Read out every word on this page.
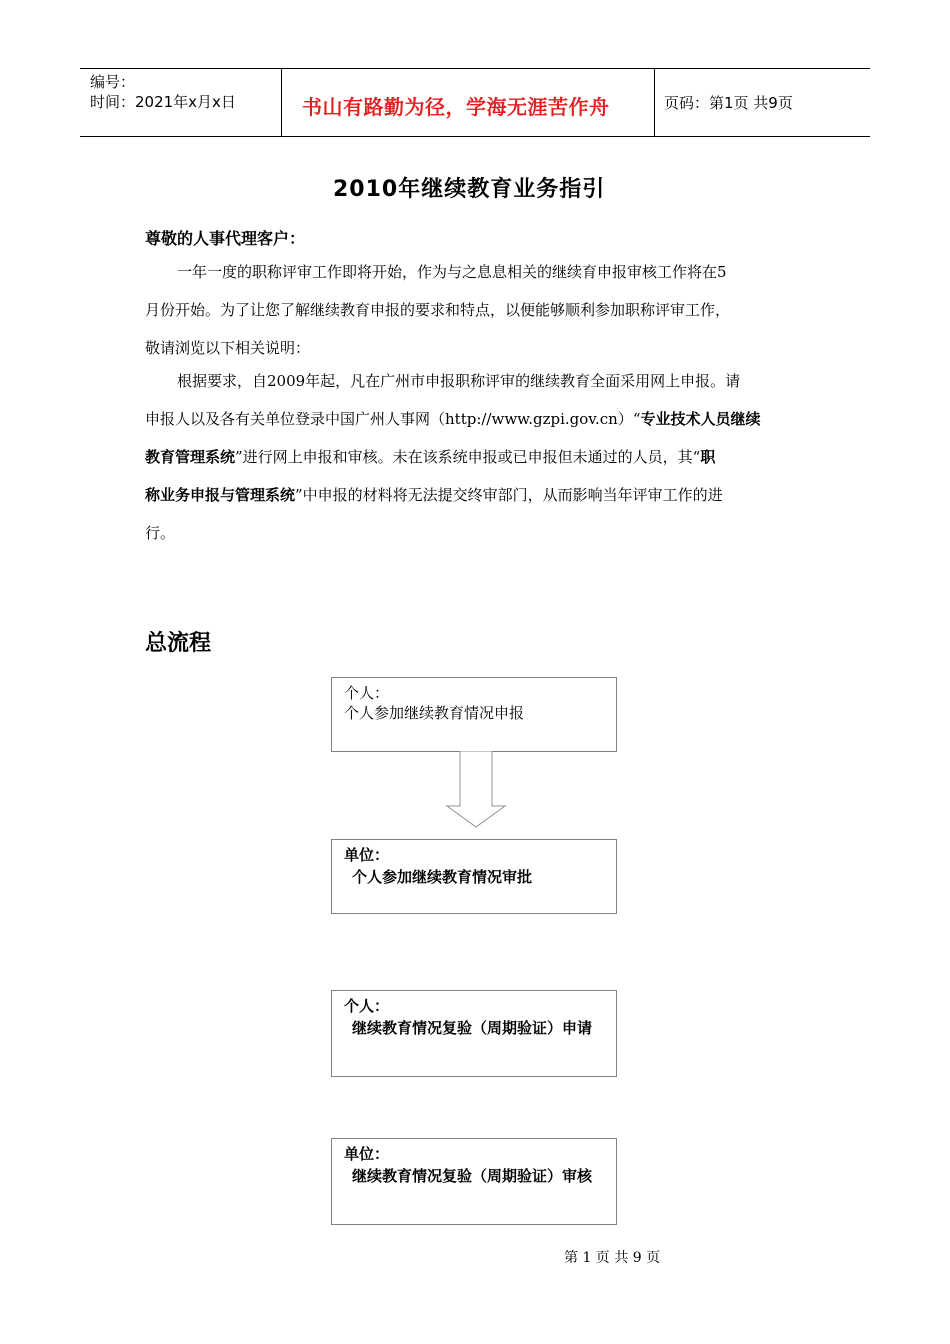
编号：
时间：2021年x月x日	书山有路勤为径，学海无涯苦作舟	页码：第1页 共9页
2010年继续教育业务指引
尊敬的人事代理客户：
一年一度的职称评审工作即将开始，作为与之息息相关的继续育申报审核工作将在5
月份开始。为了让您了解继续教育申报的要求和特点，以便能够顺利参加职称评审工作，
敬请浏览以下相关说明：
根据要求，自2009年起，凡在广州市申报职称评审的继续教育全面采用网上申报。请
申报人以及各有关单位登录中国广州人事网（http://www.gzpi.gov.cn）“专业技术人员继续
教育管理系统”进行网上申报和审核。未在该系统申报或已申报但未通过的人员，其“职
称业务申报与管理系统”中申报的材料将无法提交终审部门，从而影响当年评审工作的进
行。
总流程
个人：
个人参加继续教育情况申报
单位：
个人参加继续教育情况审批
个人：
继续教育情况复验（周期验证）申请
单位：
继续教育情况复验（周期验证）审核
第 1 页 共 9 页
